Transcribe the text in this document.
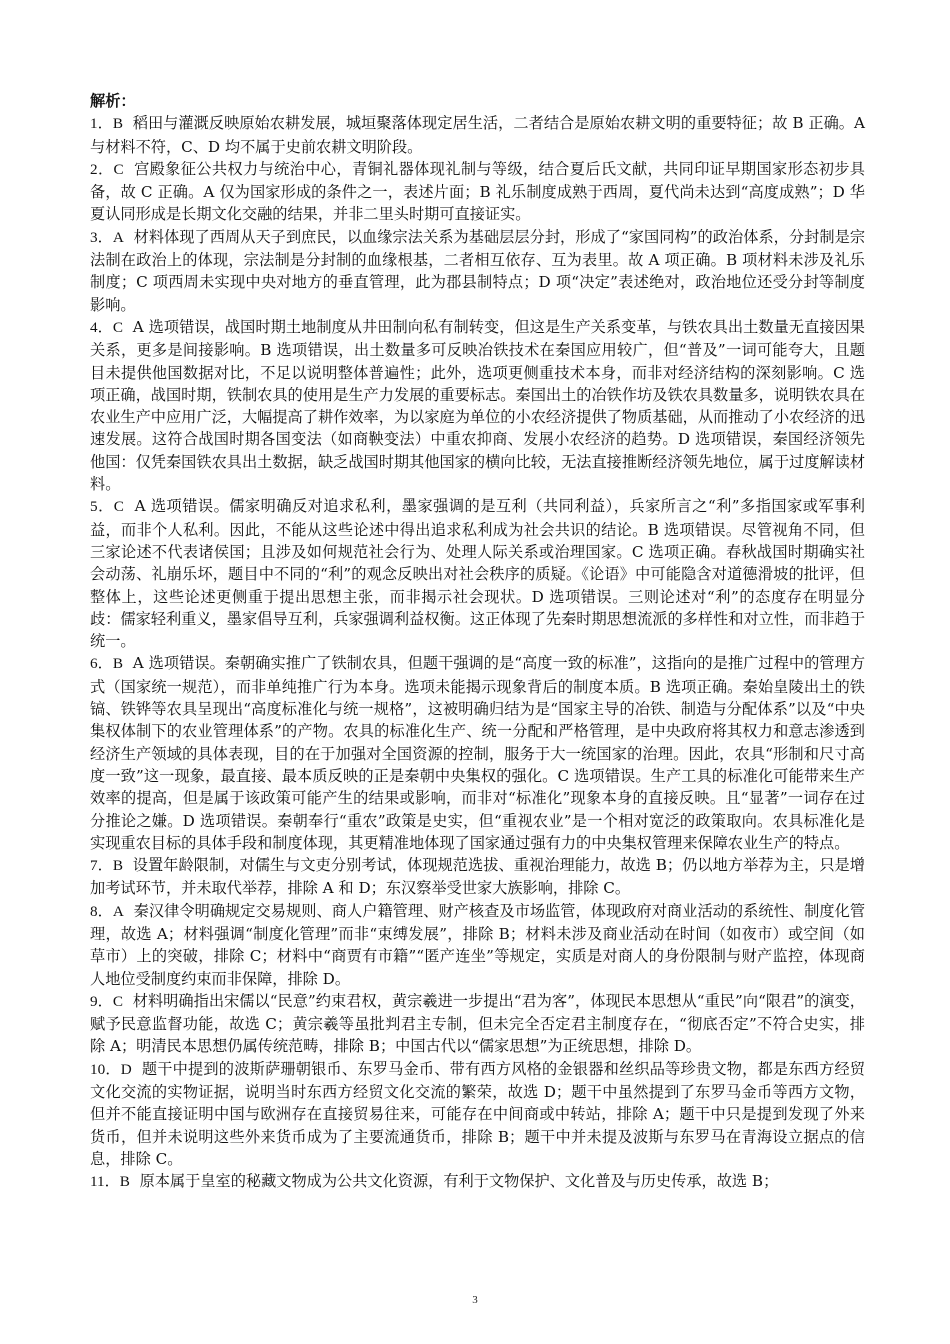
解析：

1．B 稻田与灌溉反映原始农耕发展，城垣聚落体现定居生活，二者结合是原始农耕文明的重要特征；故 B 正确。A 与材料不符，C、D 均不属于史前农耕文明阶段。

2．C 宫殿象征公共权力与统治中心，青铜礼器体现礼制与等级，结合夏后氏文献，共同印证早期国家形态初步具备，故 C 正确。A 仅为国家形成的条件之一，表述片面；B 礼乐制度成熟于西周，夏代尚未达到“高度成熟”；D 华夏认同形成是长期文化交融的结果，并非二里头时期可直接证实。

3．A 材料体现了西周从天子到庶民，以血缘宗法关系为基础层层分封，形成了“家国同构”的政治体系，分封制是宗法制在政治上的体现，宗法制是分封制的血缘根基，二者相互依存、互为表里。故 A 项正确。B 项材料未涉及礼乐制度；C 项西周未实现中央对地方的垂直管理，此为郡县制特点；D 项“决定”表述绝对，政治地位还受分封等制度影响。

4．C A 选项错误，战国时期土地制度从井田制向私有制转变，但这是生产关系变革，与铁农具出土数量无直接因果关系，更多是间接影响。B 选项错误，出土数量多可反映冶铁技术在秦国应用较广，但“普及”一词可能夸大，且题目未提供他国数据对比，不足以说明整体普遍性；此外，选项更侧重技术本身，而非对经济结构的深刻影响。C 选项正确，战国时期，铁制农具的使用是生产力发展的重要标志。秦国出土的冶铁作坊及铁农具数量多，说明铁农具在农业生产中应用广泛，大幅提高了耕作效率，为以家庭为单位的小农经济提供了物质基础，从而推动了小农经济的迅速发展。这符合战国时期各国变法（如商鞅变法）中重农抑商、发展小农经济的趋势。D 选项错误，秦国经济领先他国：仅凭秦国铁农具出土数据，缺乏战国时期其他国家的横向比较，无法直接推断经济领先地位，属于过度解读材料。

5．C A 选项错误。儒家明确反对追求私利，墨家强调的是互利（共同利益），兵家所言之“利”多指国家或军事利益，而非个人私利。因此，不能从这些论述中得出追求私利成为社会共识的结论。B 选项错误。尽管视角不同，但三家论述不代表诸侯国；且涉及如何规范社会行为、处理人际关系或治理国家。C 选项正确。春秋战国时期确实社会动荡、礼崩乐坏，题目中不同的“利”的观念反映出对社会秩序的质疑。《论语》中可能隐含对道德滑坡的批评，但整体上，这些论述更侧重于提出思想主张，而非揭示社会现状。D 选项错误。三则论述对“利”的态度存在明显分歧：儒家轻利重义，墨家倡导互利，兵家强调利益权衡。这正体现了先秦时期思想流派的多样性和对立性，而非趋于统一。

6．B A 选项错误。秦朝确实推广了铁制农具，但题干强调的是“高度一致的标准”，这指向的是推广过程中的管理方式（国家统一规范），而非单纯推广行为本身。选项未能揭示现象背后的制度本质。B 选项正确。秦始皇陵出土的铁镐、铁铧等农具呈现出“高度标准化与统一规格”，这被明确归结为是“国家主导的冶铁、制造与分配体系”以及“中央集权体制下的农业管理体系”的产物。农具的标准化生产、统一分配和严格管理，是中央政府将其权力和意志渗透到经济生产领域的具体表现，目的在于加强对全国资源的控制，服务于大一统国家的治理。因此，农具“形制和尺寸高度一致”这一现象，最直接、最本质反映的正是秦朝中央集权的强化。C 选项错误。生产工具的标准化可能带来生产效率的提高，但是属于该政策可能产生的结果或影响，而非对“标准化”现象本身的直接反映。且“显著”一词存在过分推论之嫌。D 选项错误。秦朝奉行“重农”政策是史实，但“重视农业”是一个相对宽泛的政策取向。农具标准化是实现重农目标的具体手段和制度体现，其更精准地体现了国家通过强有力的中央集权管理来保障农业生产的特点。

7．B 设置年龄限制，对儒生与文吏分别考试，体现规范选拔、重视治理能力，故选 B；仍以地方举荐为主，只是增加考试环节，并未取代举荐，排除 A 和 D；东汉察举受世家大族影响，排除 C。

8．A 秦汉律令明确规定交易规则、商人户籍管理、财产核查及市场监管，体现政府对商业活动的系统性、制度化管理，故选 A；材料强调“制度化管理”而非“束缚发展”，排除 B；材料未涉及商业活动在时间（如夜市）或空间（如草市）上的突破，排除 C；材料中“商贾有市籍”“匿产连坐”等规定，实质是对商人的身份限制与财产监控，体现商人地位受制度约束而非保障，排除 D。

9．C 材料明确指出宋儒以“民意”约束君权，黄宗羲进一步提出“君为客”，体现民本思想从“重民”向“限君”的演变，赋予民意监督功能，故选 C；黄宗羲等虽批判君主专制，但未完全否定君主制度存在，“彻底否定”不符合史实，排除 A；明清民本思想仍属传统范畴，排除 B；中国古代以“儒家思想”为正统思想，排除 D。

10．D 题干中提到的波斯萨珊朝银币、东罗马金币、带有西方风格的金银器和丝织品等珍贵文物，都是东西方经贸文化交流的实物证据，说明当时东西方经贸文化交流的繁荣，故选 D；题干中虽然提到了东罗马金币等西方文物，但并不能直接证明中国与欧洲存在直接贸易往来，可能存在中间商或中转站，排除 A；题干中只是提到发现了外来货币，但并未说明这些外来货币成为了主要流通货币，排除 B；题干中并未提及波斯与东罗马在青海设立据点的信息，排除 C。

11．B 原本属于皇室的秘藏文物成为公共文化资源，有利于文物保护、文化普及与历史传承，故选 B；

3
